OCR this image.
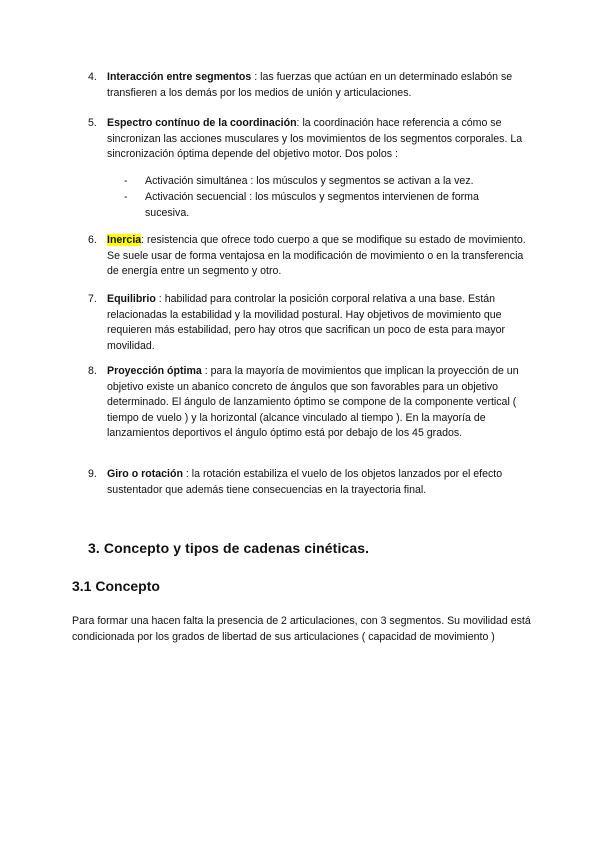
4. Interacción entre segmentos : las fuerzas que actúan en un determinado eslabón se transfieren a los demás por los medios de unión y articulaciones.
5. Espectro contínuo de la coordinación: la coordinación hace referencia a cómo se sincronizan las acciones musculares y los movimientos de los segmentos corporales. La sincronización óptima depende del objetivo motor. Dos polos :
- Activación simultánea : los músculos y segmentos se activan a la vez.
- Activación secuencial : los músculos y segmentos intervienen de forma sucesiva.
6. Inercia: resistencia que ofrece todo cuerpo a que se modifique su estado de movimiento. Se suele usar de forma ventajosa en la modificación de movimiento o en la transferencia de energía entre un segmento y otro.
7. Equilibrio : habilidad para controlar la posición corporal relativa a una base. Están relacionadas la estabilidad y la movilidad postural. Hay objetivos de movimiento que requieren más estabilidad, pero hay otros que sacrifican un poco de esta para mayor movilidad.
8. Proyección óptima : para la mayoría de movimientos que implican la proyección de un objetivo existe un abanico concreto de ángulos que son favorables para un objetivo determinado. El ángulo de lanzamiento óptimo se compone de la componente vertical ( tiempo de vuelo ) y la horizontal (alcance vinculado al tiempo ). En la mayoría de lanzamientos deportivos el ángulo óptimo está por debajo de los 45 grados.
9. Giro o rotación : la rotación estabiliza el vuelo de los objetos lanzados por el efecto sustentador que además tiene consecuencias en la trayectoria final.
3. Concepto y tipos de cadenas cinéticas.
3.1 Concepto
Para formar una hacen falta la presencia de 2 articulaciones, con 3 segmentos. Su movilidad está condicionada por los grados de libertad de sus articulaciones ( capacidad de movimiento )
